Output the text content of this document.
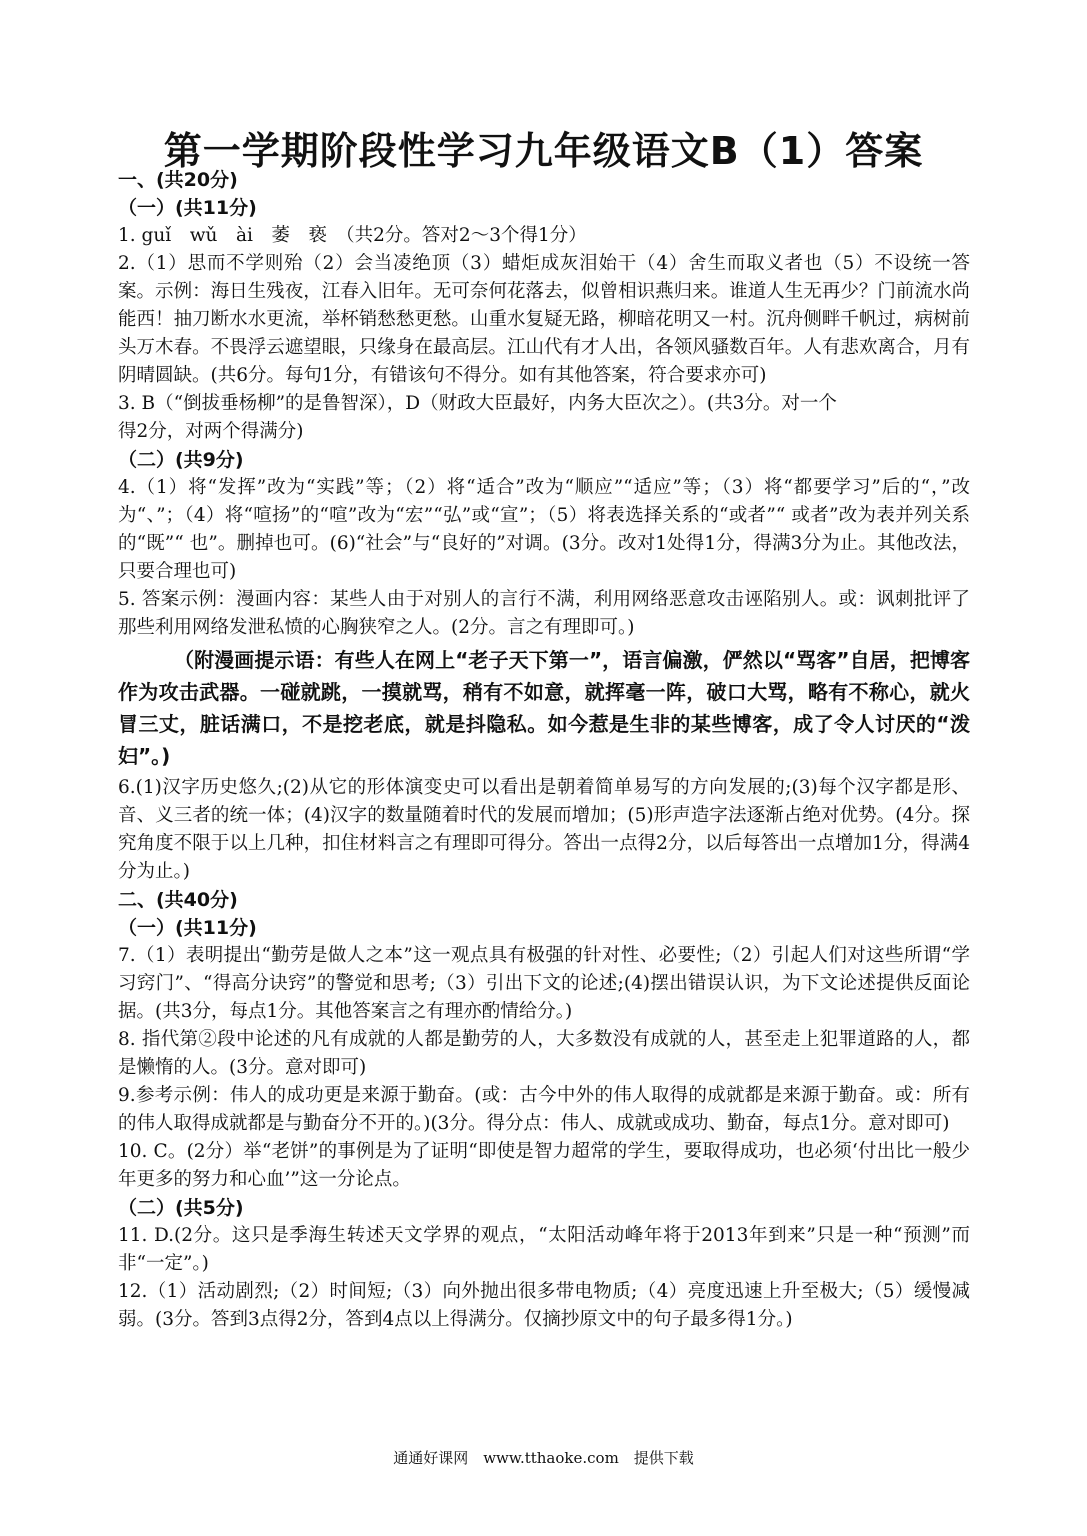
第一学期阶段性学习九年级语文B（1）答案

一、(共20分)

（一）(共11分)

1. guǐ　wǔ　ài　萎　亵　（共2分。答对2～3个得1分）

2.（1）思而不学则殆（2）会当凌绝顶（3）蜡炬成灰泪始干（4）舍生而取义者也（5）不设统一答案。示例：海日生残夜，江春入旧年。无可奈何花落去，似曾相识燕归来。谁道人生无再少？门前流水尚能西！抽刀断水水更流，举杯销愁愁更愁。山重水复疑无路，柳暗花明又一村。沉舟侧畔千帆过，病树前头万木春。不畏浮云遮望眼，只缘身在最高层。江山代有才人出，各领风骚数百年。人有悲欢离合，月有阴晴圆缺。(共6分。每句1分，有错该句不得分。如有其他答案，符合要求亦可)

3. B（“倒拔垂杨柳”的是鲁智深），D（财政大臣最好，内务大臣次之）。(共3分。对一个

得2分，对两个得满分)

（二）(共9分)

4.（1）将“发挥”改为“实践”等；（2）将“适合”改为“顺应”“适应”等；（3）将“都要学习”后的“，”改为“、”；（4）将“喧扬”的“喧”改为“宏”“弘”或“宣”；（5）将表选择关系的“或者”“ 或者”改为表并列关系的“既”“ 也”。删掉也可。(6)“社会”与“良好的”对调。(3分。改对1处得1分，得满3分为止。其他改法，只要合理也可)

5. 答案示例：漫画内容：某些人由于对别人的言行不满，利用网络恶意攻击诬陷别人。或：讽刺批评了那些利用网络发泄私愤的心胸狭窄之人。(2分。言之有理即可。)

（附漫画提示语：有些人在网上“老子天下第一”，语言偏激，俨然以“骂客”自居，把博客作为攻击武器。一碰就跳，一摸就骂，稍有不如意，就挥毫一阵，破口大骂，略有不称心，就火冒三丈，脏话满口，不是挖老底，就是抖隐私。如今惹是生非的某些博客，成了令人讨厌的“泼妇”。)

6.(1)汉字历史悠久;(2)从它的形体演变史可以看出是朝着简单易写的方向发展的;(3)每个汉字都是形、音、义三者的统一体；(4)汉字的数量随着时代的发展而增加；(5)形声造字法逐渐占绝对优势。(4分。探究角度不限于以上几种，扣住材料言之有理即可得分。答出一点得2分，以后每答出一点增加1分，得满4分为止。)

二、(共40分)

（一）(共11分)

7.（1）表明提出“勤劳是做人之本”这一观点具有极强的针对性、必要性;（2）引起人们对这些所谓“学习窍门”、“得高分诀窍”的警觉和思考;（3）引出下文的论述;(4)摆出错误认识，为下文论述提供反面论据。(共3分，每点1分。其他答案言之有理亦酌情给分。)

8. 指代第②段中论述的凡有成就的人都是勤劳的人，大多数没有成就的人，甚至走上犯罪道路的人，都是懒惰的人。(3分。意对即可)

9.参考示例：伟人的成功更是来源于勤奋。(或：古今中外的伟人取得的成就都是来源于勤奋。或：所有的伟人取得成就都是与勤奋分不开的。)(3分。得分点：伟人、成就或成功、勤奋，每点1分。意对即可)

10. C。(2分）举“老饼”的事例是为了证明“即使是智力超常的学生，要取得成功，也必须‘付出比一般少年更多的努力和心血’”这一分论点。

（二）(共5分)

11. D.(2分。这只是季海生转述天文学界的观点，“太阳活动峰年将于2013年到来”只是一种“预测”而非“一定”。)

12.（1）活动剧烈;（2）时间短;（3）向外抛出很多带电物质;（4）亮度迅速上升至极大;（5）缓慢减弱。(3分。答到3点得2分，答到4点以上得满分。仅摘抄原文中的句子最多得1分。)

通通好课网　www.tthaoke.com　提供下载
